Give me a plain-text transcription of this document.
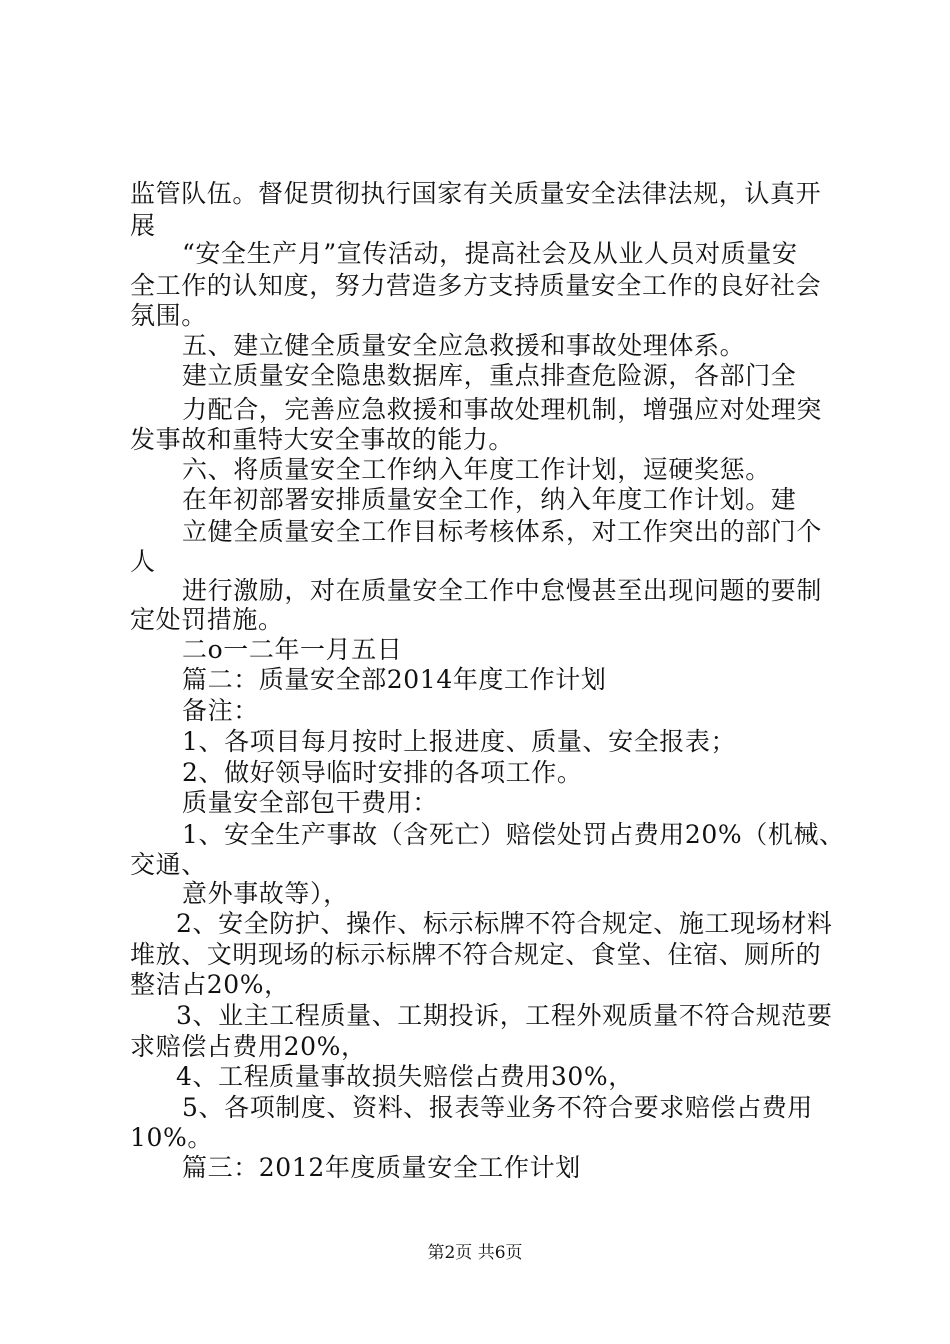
监管队伍。督促贯彻执行国家有关质量安全法律法规，认真开
展
“安全生产月”宣传活动，提高社会及从业人员对质量安
全工作的认知度，努力营造多方支持质量安全工作的良好社会
氛围。
五、建立健全质量安全应急救援和事故处理体系。
建立质量安全隐患数据库，重点排查危险源，各部门全
力配合，完善应急救援和事故处理机制，增强应对处理突
发事故和重特大安全事故的能力。
六、将质量安全工作纳入年度工作计划，逗硬奖惩。
在年初部署安排质量安全工作，纳入年度工作计划。建
立健全质量安全工作目标考核体系，对工作突出的部门个
人
进行激励，对在质量安全工作中怠慢甚至出现问题的要制
定处罚措施。
二o一二年一月五日
篇二：质量安全部2014年度工作计划
备注：
1、各项目每月按时上报进度、质量、安全报表；
2、做好领导临时安排的各项工作。
质量安全部包干费用：
1、安全生产事故（含死亡）赔偿处罚占费用20%（机械、
交通、
意外事故等），
2、安全防护、操作、标示标牌不符合规定、施工现场材料
堆放、文明现场的标示标牌不符合规定、食堂、住宿、厕所的
整洁占20%，
3、业主工程质量、工期投诉，工程外观质量不符合规范要
求赔偿占费用20%，
4、工程质量事故损失赔偿占费用30%，
5、各项制度、资料、报表等业务不符合要求赔偿占费用
10%。
篇三：2012年度质量安全工作计划
第2页 共6页
